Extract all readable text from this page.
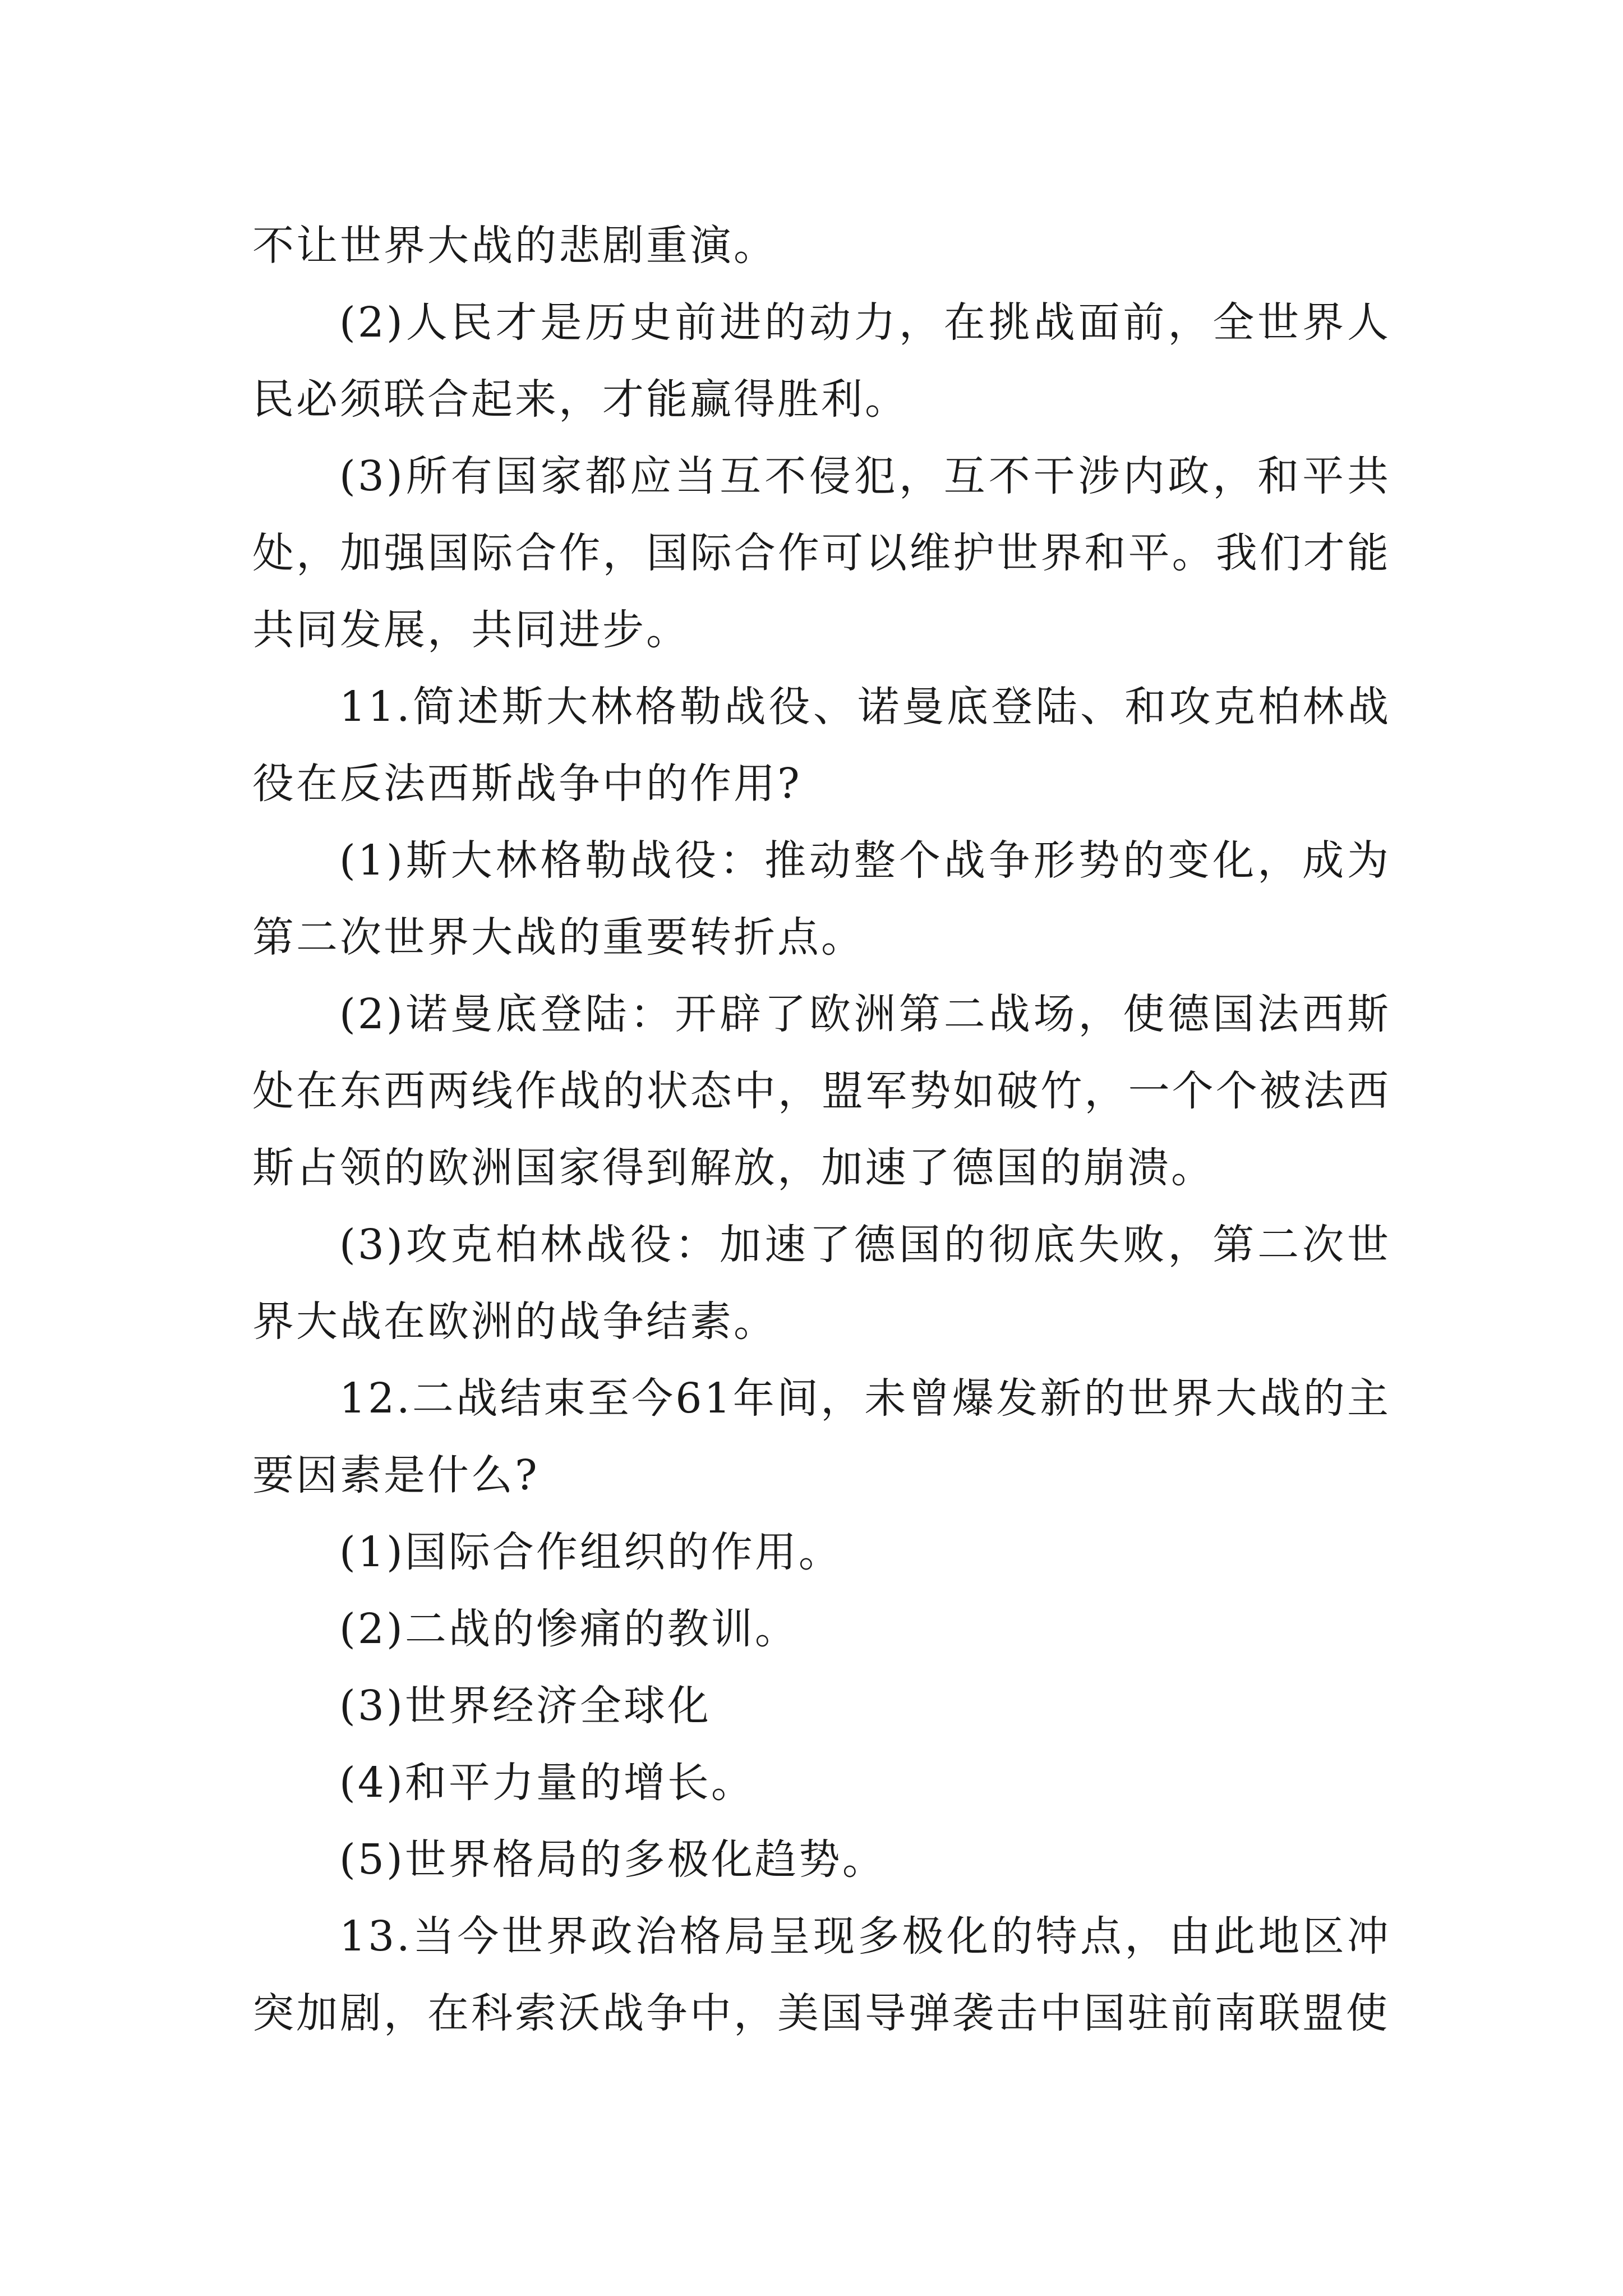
不让世界大战的悲剧重演。

(2)人民才是历史前进的动力，在挑战面前，全世界人民必须联合起来，才能赢得胜利。

(3)所有国家都应当互不侵犯，互不干涉内政，和平共处，加强国际合作，国际合作可以维护世界和平。我们才能共同发展，共同进步。

11.简述斯大林格勒战役、诺曼底登陆、和攻克柏林战役在反法西斯战争中的作用?

(1)斯大林格勒战役：推动整个战争形势的变化，成为第二次世界大战的重要转折点。

(2)诺曼底登陆：开辟了欧洲第二战场，使德国法西斯处在东西两线作战的状态中，盟军势如破竹，一个个被法西斯占领的欧洲国家得到解放，加速了德国的崩溃。

(3)攻克柏林战役：加速了德国的彻底失败，第二次世界大战在欧洲的战争结素。

12.二战结束至今61年间，未曾爆发新的世界大战的主要因素是什么?

(1)国际合作组织的作用。

(2)二战的惨痛的教训。

(3)世界经济全球化

(4)和平力量的增长。

(5)世界格局的多极化趋势。

13.当今世界政治格局呈现多极化的特点，由此地区冲突加剧，在科索沃战争中，美国导弹袭击中国驻前南联盟使
